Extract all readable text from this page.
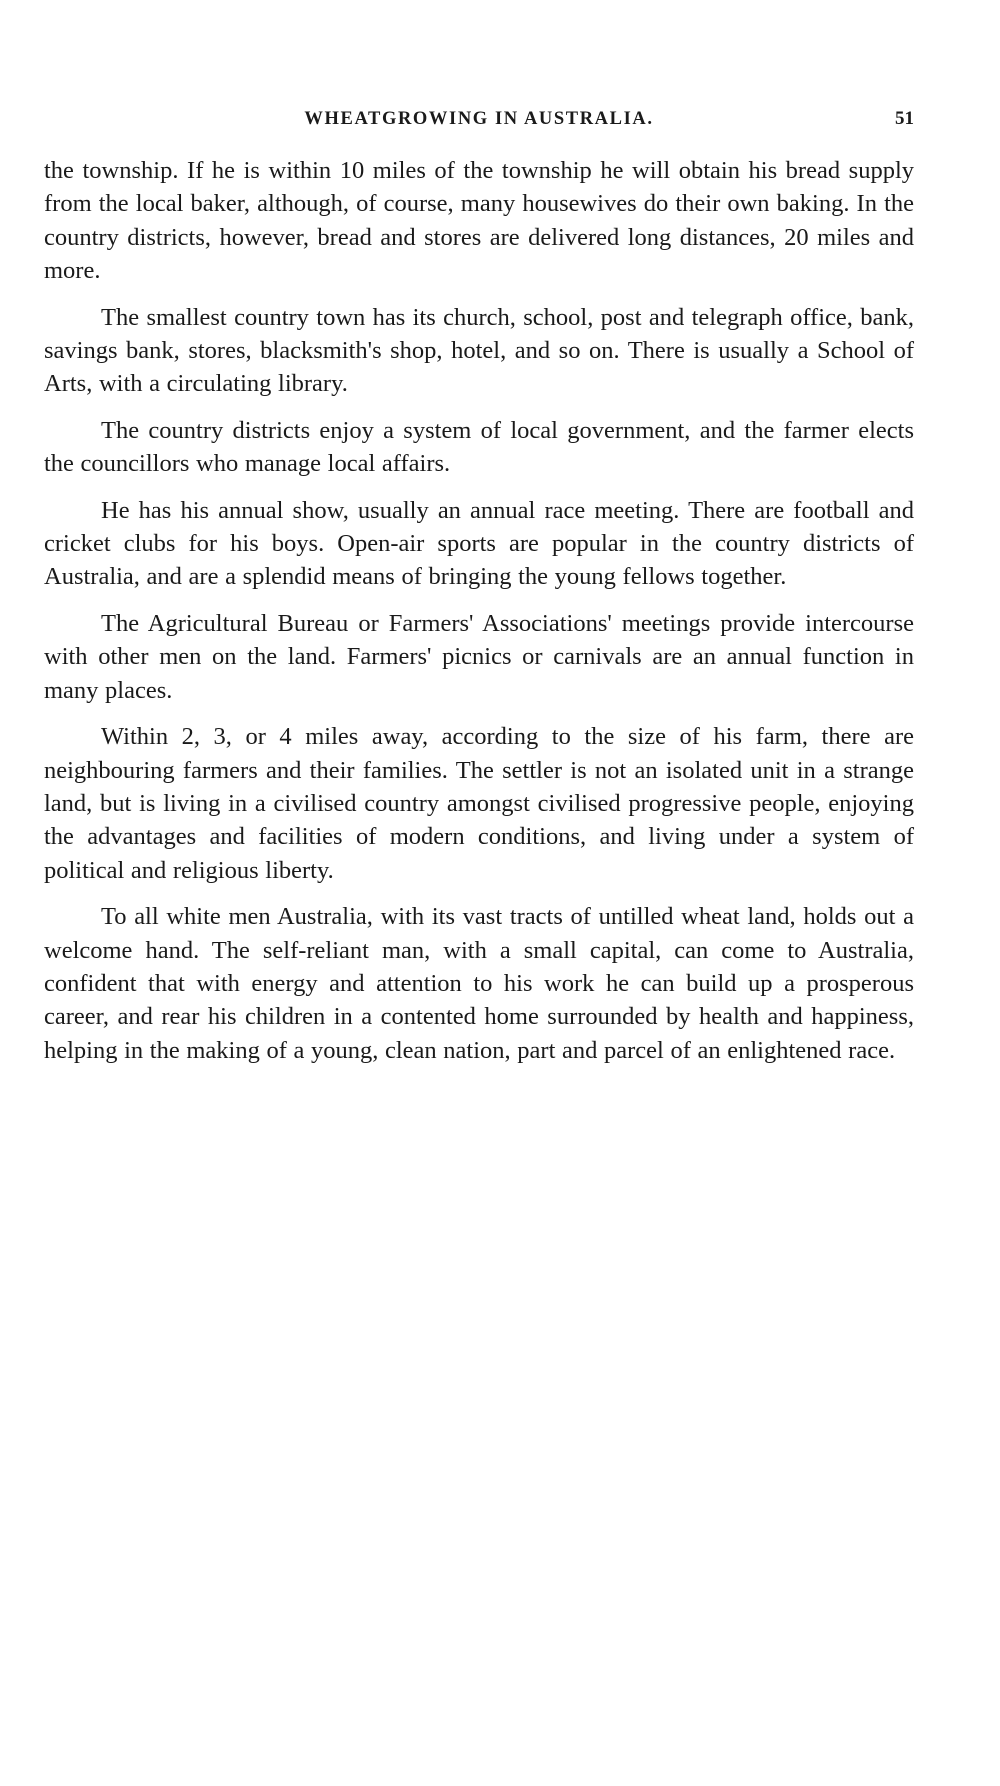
WHEATGROWING IN AUSTRALIA.	51

the township. If he is within 10 miles of the township he will obtain his bread supply from the local baker, although, of course, many housewives do their own baking. In the country districts, however, bread and stores are delivered long distances, 20 miles and more.

The smallest country town has its church, school, post and telegraph office, bank, savings bank, stores, blacksmith's shop, hotel, and so on. There is usually a School of Arts, with a circulating library.

The country districts enjoy a system of local government, and the farmer elects the councillors who manage local affairs.

He has his annual show, usually an annual race meeting. There are football and cricket clubs for his boys. Open-air sports are popular in the country districts of Australia, and are a splendid means of bringing the young fellows together.

The Agricultural Bureau or Farmers' Associations' meetings provide intercourse with other men on the land. Farmers' picnics or carnivals are an annual function in many places.

Within 2, 3, or 4 miles away, according to the size of his farm, there are neighbouring farmers and their families. The settler is not an isolated unit in a strange land, but is living in a civilised country amongst civilised progressive people, enjoying the advantages and facilities of modern conditions, and living under a system of political and religious liberty.

To all white men Australia, with its vast tracts of untilled wheat land, holds out a welcome hand. The self-reliant man, with a small capital, can come to Australia, confident that with energy and attention to his work he can build up a prosperous career, and rear his children in a contented home surrounded by health and happiness, helping in the making of a young, clean nation, part and parcel of an enlightened race.
